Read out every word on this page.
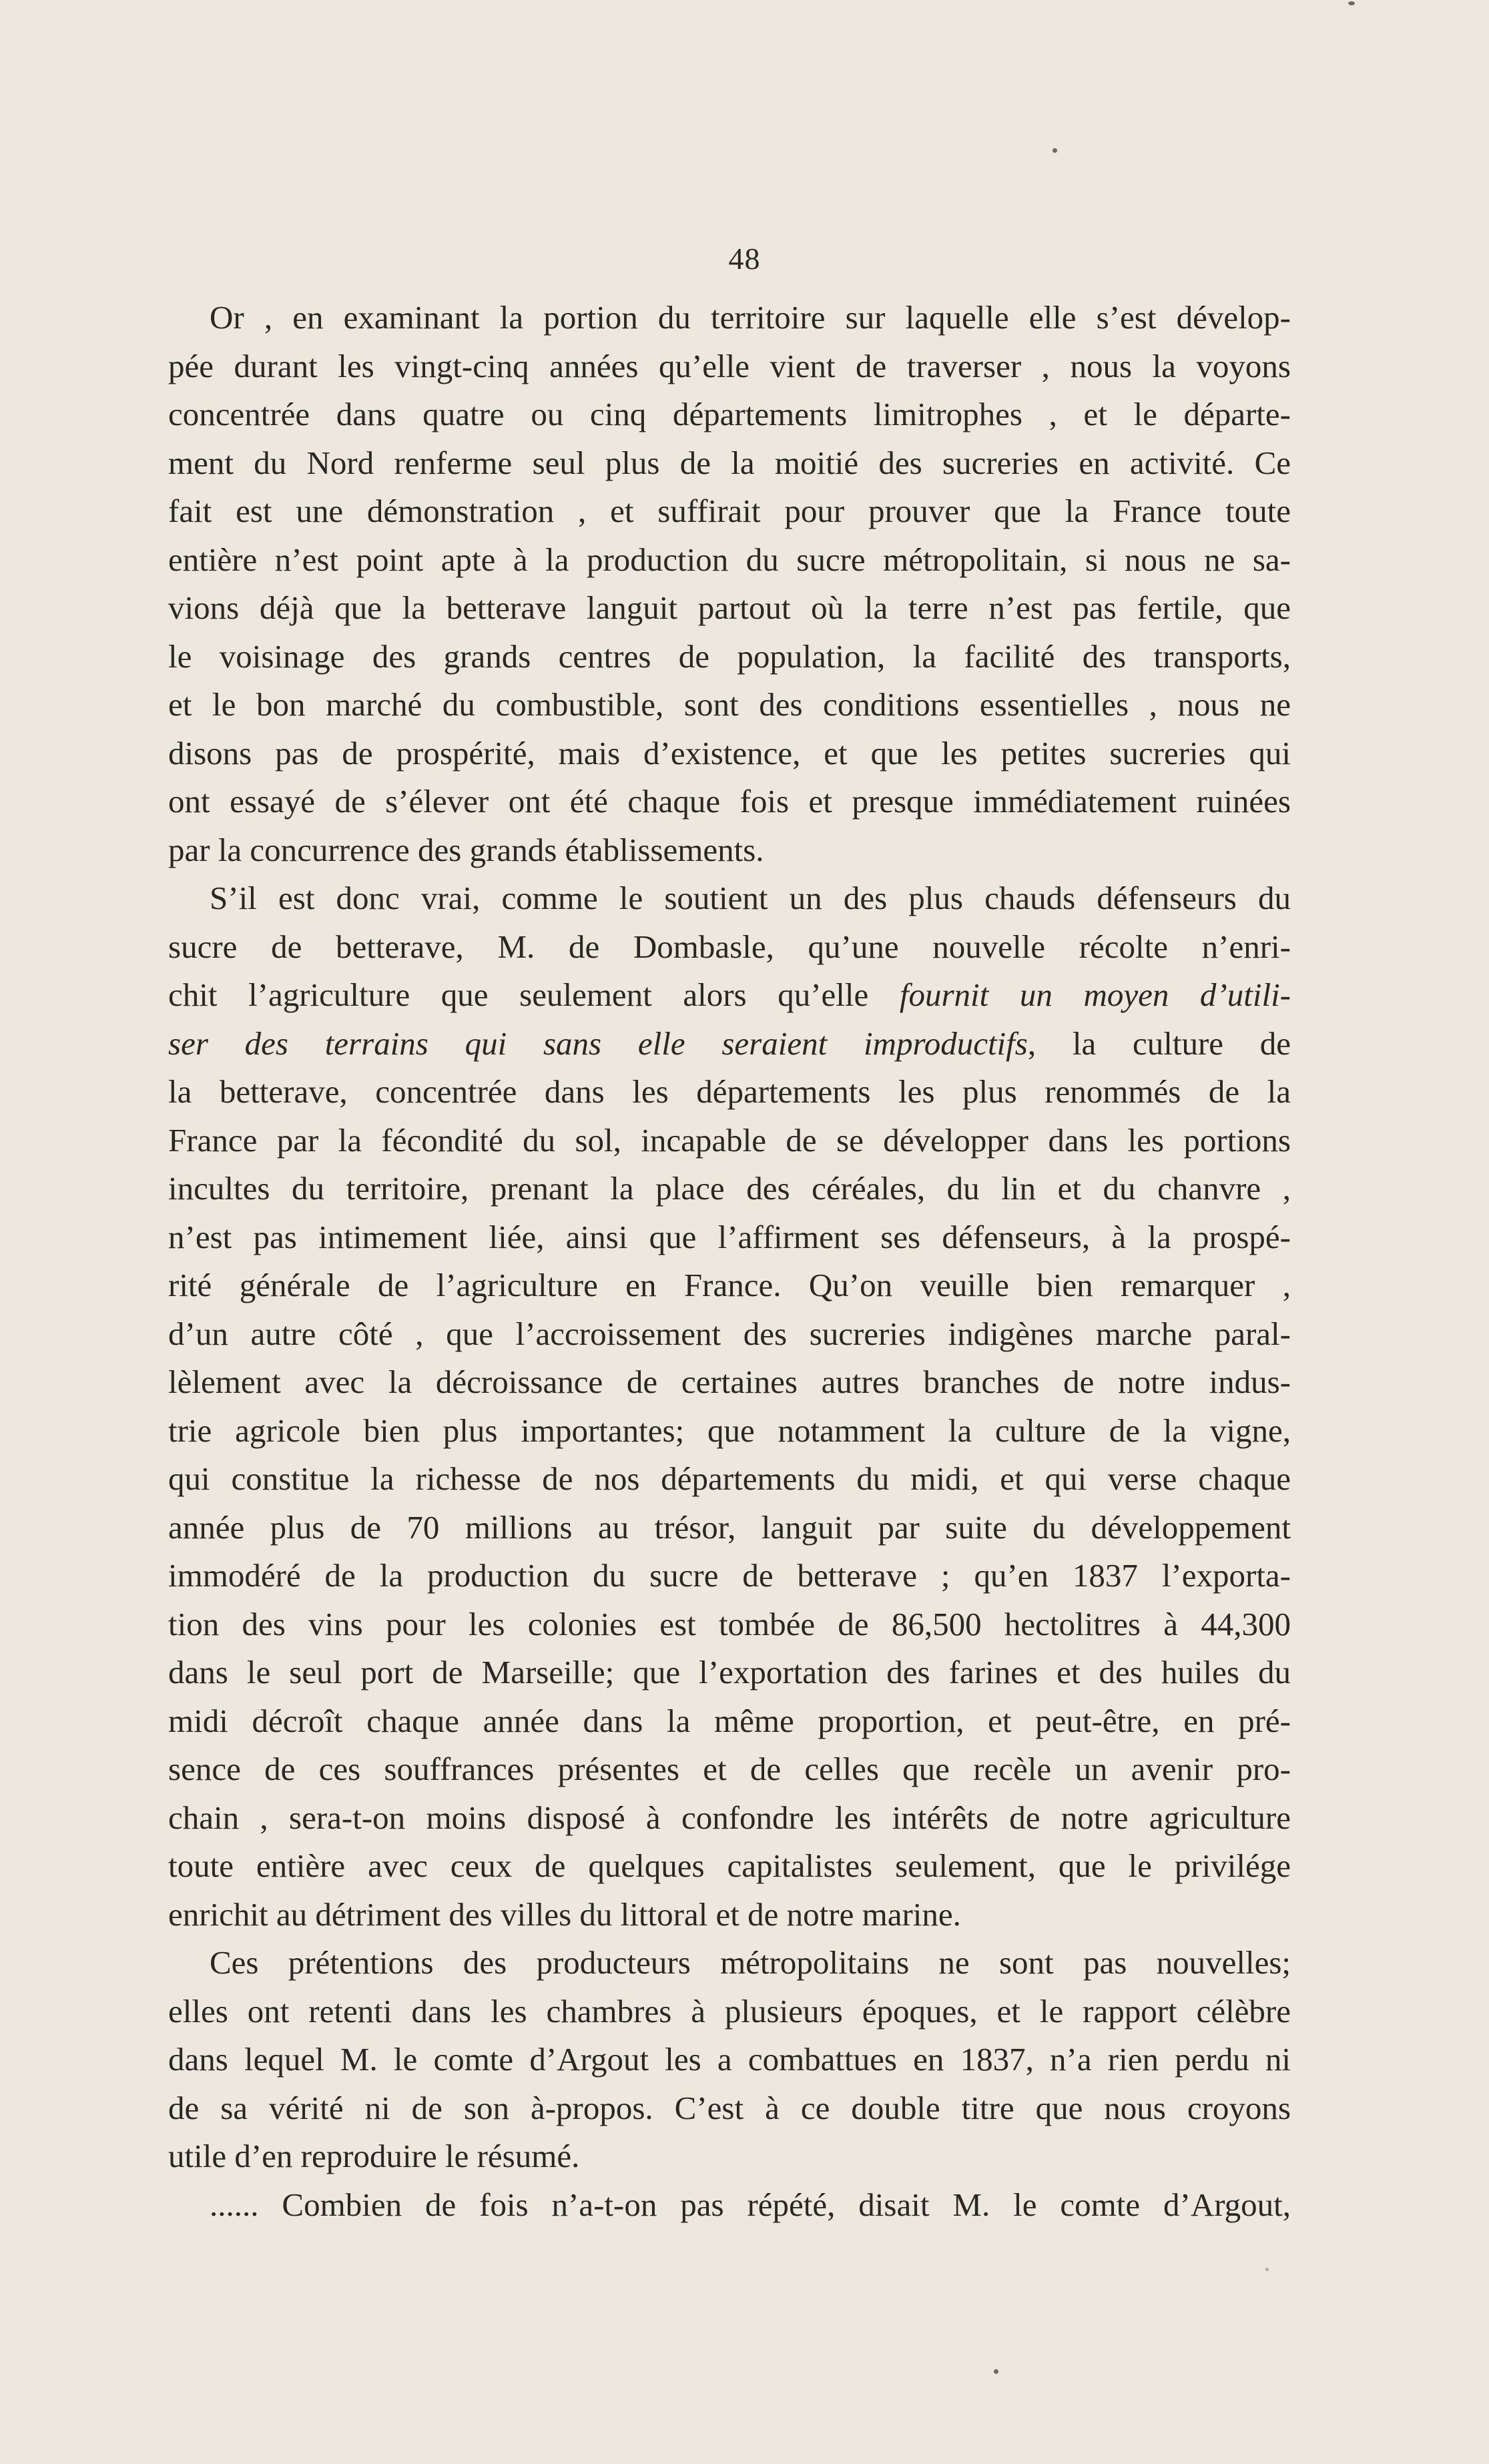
48
Or , en examinant la portion du territoire sur laquelle elle s’est dévelop-
pée durant les vingt-cinq années qu’elle vient de traverser , nous la voyons
concentrée dans quatre ou cinq départements limitrophes , et le départe-
ment du Nord renferme seul plus de la moitié des sucreries en activité. Ce
fait est une démonstration , et suffirait pour prouver que la France toute
entière n’est point apte à la production du sucre métropolitain, si nous ne sa-
vions déjà que la betterave languit partout où la terre n’est pas fertile, que
le voisinage des grands centres de population, la facilité des transports,
et le bon marché du combustible, sont des conditions essentielles , nous ne
disons pas de prospérité, mais d’existence, et que les petites sucreries qui
ont essayé de s’élever ont été chaque fois et presque immédiatement ruinées
par la concurrence des grands établissements.
S’il est donc vrai, comme le soutient un des plus chauds défenseurs du
sucre de betterave, M. de Dombasle, qu’une nouvelle récolte n’enri-
chit l’agriculture que seulement alors qu’elle fournit un moyen d’utili-
ser des terrains qui sans elle seraient improductifs, la culture de
la betterave, concentrée dans les départements les plus renommés de la
France par la fécondité du sol, incapable de se développer dans les portions
incultes du territoire, prenant la place des céréales, du lin et du chanvre ,
n’est pas intimement liée, ainsi que l’affirment ses défenseurs, à la prospé-
rité générale de l’agriculture en France. Qu’on veuille bien remarquer ,
d’un autre côté , que l’accroissement des sucreries indigènes marche paral-
lèlement avec la décroissance de certaines autres branches de notre indus-
trie agricole bien plus importantes; que notamment la culture de la vigne,
qui constitue la richesse de nos départements du midi, et qui verse chaque
année plus de 70 millions au trésor, languit par suite du développement
immodéré de la production du sucre de betterave ; qu’en 1837 l’exporta-
tion des vins pour les colonies est tombée de 86,500 hectolitres à 44,300
dans le seul port de Marseille; que l’exportation des farines et des huiles du
midi décroît chaque année dans la même proportion, et peut-être, en pré-
sence de ces souffrances présentes et de celles que recèle un avenir pro-
chain , sera-t-on moins disposé à confondre les intérêts de notre agriculture
toute entière avec ceux de quelques capitalistes seulement, que le privilége
enrichit au détriment des villes du littoral et de notre marine.
Ces prétentions des producteurs métropolitains ne sont pas nouvelles;
elles ont retenti dans les chambres à plusieurs époques, et le rapport célèbre
dans lequel M. le comte d’Argout les a combattues en 1837, n’a rien perdu ni
de sa vérité ni de son à-propos. C’est à ce double titre que nous croyons
utile d’en reproduire le résumé.
...... Combien de fois n’a-t-on pas répété, disait M. le comte d’Argout,
